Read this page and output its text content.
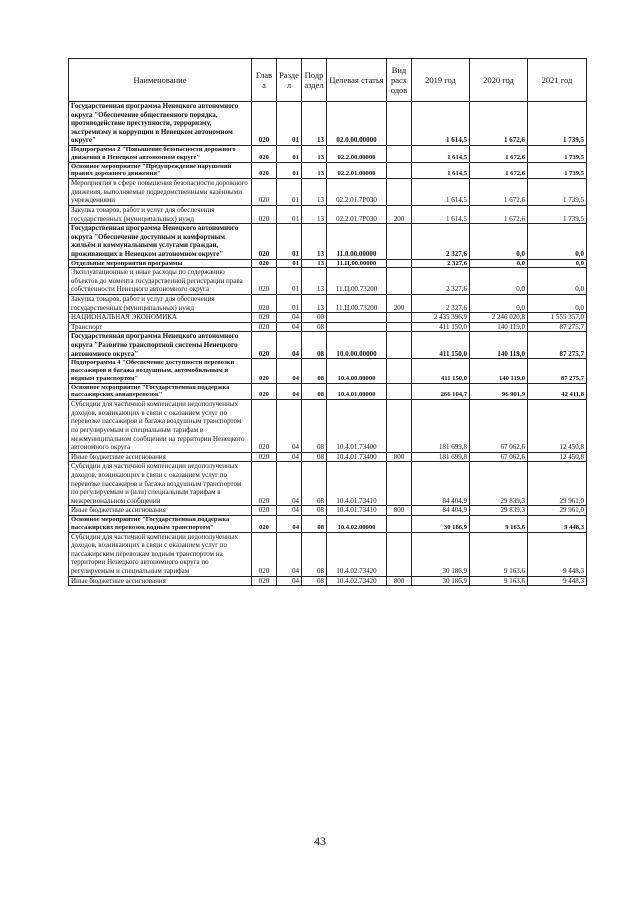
Наименование	Глав а	Разде л	Подр аздел	Целевая статья	Вид расх одов	2019 год	2020 год	2021 год
Государственная программа Ненецкого автономного округа "Обеспечение общественного порядка, противодействие преступности, терроризму, экстремизму и коррупции в Ненецком автономном округе"	020	01	13	02.0.00.00000		1 614,5	1 672,6	1 739,5
Подпрограмма 2 "Повышение безопасности дорожного движения в Ненецком автономном округе"	020	01	13	02.2.00.00000		1 614,5	1 672,6	1 739,5
Основное мероприятие "Предупреждение нарушений правил дорожного движения"	020	01	13	02.2.01.00000		1 614,5	1 672,6	1 739,5
Мероприятия в сфере повышения безопасности дорожного движения, выполняемые подведомственными казёнными учреждениями	020	01	13	02.2.01.7Р030		1 614,5	1 672,6	1 739,5
Закупка товаров, работ и услуг для обеспечения государственных (муниципальных) нужд	020	01	13	02.2.01.7Р030	200	1 614,5	1 672,6	1 739,5
Государственная программа Ненецкого автономного округа "Обеспечение доступным и комфортным жильём и коммунальными услугами граждан, проживающих в Ненецком автономном округе"	020	01	13	11.0.00.00000		2 327,6	0,0	0,0
Отдельные мероприятия программы	020	01	13	11.Ц.00.00000		2 327,6	0,0	0,0
Эксплуатационные и иные расходы по содержанию объектов до момента государственной регистрации права собственности Ненецкого автономного округа	020	01	13	11.Ц.00.73200		2 327,6	0,0	0,0
Закупка товаров, работ и услуг для обеспечения государственных (муниципальных) нужд	020	01	13	11.Ц.00.73200	200	2 327,6	0,0	0,0
НАЦИОНАЛЬНАЯ ЭКОНОМИКА	020	04	00			2 435 396,9	2 246 020,8	1 555 357,0
Транспорт	020	04	08			411 150,0	140 119,0	87 275,7
Государственная программа Ненецкого автономного округа "Развитие транспортной системы Ненецкого автономного округа"	020	04	08	10.0.00.00000		411 150,0	140 119,0	87 275,7
Подпрограмма 4 "Обеспечение доступности перевозки пассажиров и багажа воздушным, автомобильным и водным транспортом"	020	04	08	10.4.00.00000		411 150,0	140 119,0	87 275,7
Основное мероприятие "Государственная поддержка пассажирских авиаперевозок"	020	04	08	10.4.01.00000		266 104,7	96 901,9	42 411,8
Субсидии для частичной компенсации недополученных доходов, возникающих в связи с оказанием услуг по перевозке пассажиров и багажа воздушным транспортом по регулируемым и специальным тарифам в межмуниципальном сообщении на территории Ненецкого автономного округа	020	04	08	10.4.01.73400		181 699,8	67 062,6	12 450,8
Иные бюджетные ассигнования	020	04	08	10.4.01.73400	800	181 699,8	67 062,6	12 450,8
Субсидии для частичной компенсации недополученных доходов, возникающих в связи с оказанием услуг по перевозке пассажиров и багажа воздушным транспортом по регулируемым и (или) специальным тарифам в межрегиональном сообщении	020	04	08	10.4.01.73410		84 404,9	29 839,3	29 961,0
Иные бюджетные ассигнования	020	04	08	10.4.01.73410	800	84 404,9	29 839,3	29 961,0
Основное мероприятие "Государственная поддержка пассажирских перевозок водным транспортом"	020	04	08	10.4.02.00000		30 186,9	9 163,6	9 448,3
Субсидии для частичной компенсации недополученных доходов, возникающих в связи с оказанием услуг по пассажирским перевозкам водным транспортом на территории Ненецкого автономного округа по регулируемым и специальным тарифам	020	04	08	10.4.02.73420		30 186,9	9 163,6	9 448,3
Иные бюджетные ассигнования	020	04	08	10.4.02.73420	800	30 186,9	9 163,6	9 448,3
43
